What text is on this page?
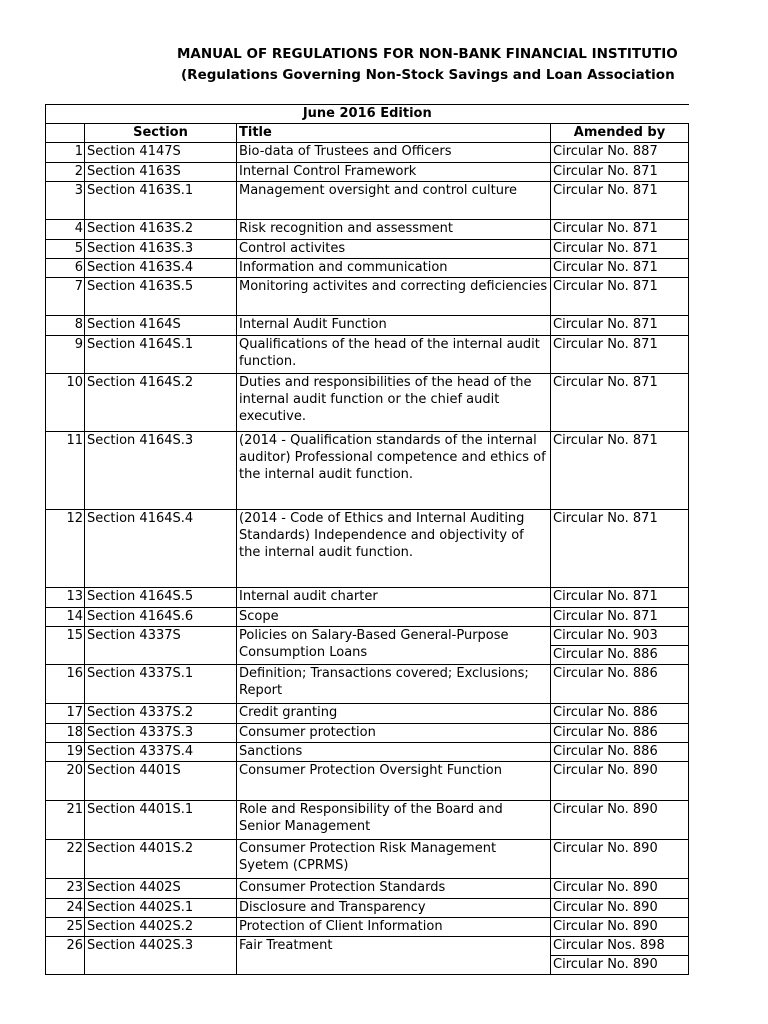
MANUAL OF REGULATIONS FOR NON-BANK FINANCIAL INSTITUTIO
(Regulations Governing Non-Stock Savings and Loan Association
June 2016 Edition			
	Section	Title	Amended by
1	Section 4147S	Bio-data of Trustees and Officers	Circular No. 887
2	Section 4163S	Internal Control Framework	Circular No. 871
3	Section 4163S.1	Management oversight and control culture	Circular No. 871
4	Section 4163S.2	Risk recognition and assessment	Circular No. 871
5	Section 4163S.3	Control activites	Circular No. 871
6	Section 4163S.4	Information and communication	Circular No. 871
7	Section 4163S.5	Monitoring activites and correcting deficiencies	Circular No. 871
8	Section 4164S	Internal Audit Function	Circular No. 871
9	Section 4164S.1	Qualifications of the head of the internal audit function.	Circular No. 871
10	Section 4164S.2	Duties and responsibilities of the head of the internal audit function or the chief audit executive.	Circular No. 871
11	Section 4164S.3	(2014 - Qualification standards of the internal auditor) Professional competence and ethics of the internal audit function.	Circular No. 871
12	Section 4164S.4	(2014 - Code of Ethics and Internal Auditing Standards) Independence and objectivity of the internal audit function.	Circular No. 871
13	Section 4164S.5	Internal audit charter	Circular No. 871
14	Section 4164S.6	Scope	Circular No. 871
15	Section 4337S	Policies on Salary-Based General-Purpose Consumption Loans	Circular No. 903
			Circular No. 886
16	Section 4337S.1	Definition; Transactions covered; Exclusions; Report	Circular No. 886
17	Section 4337S.2	Credit granting	Circular No. 886
18	Section 4337S.3	Consumer protection	Circular No. 886
19	Section 4337S.4	Sanctions	Circular No. 886
20	Section 4401S	Consumer Protection Oversight Function	Circular No. 890
21	Section 4401S.1	Role and Responsibility of the Board and Senior Management	Circular No. 890
22	Section 4401S.2	Consumer Protection Risk Management Syetem (CPRMS)	Circular No. 890
23	Section 4402S	Consumer Protection Standards	Circular No. 890
24	Section 4402S.1	Disclosure and Transparency	Circular No. 890
25	Section 4402S.2	Protection of Client Information	Circular No. 890
26	Section 4402S.3	Fair Treatment	Circular Nos. 898
			Circular No. 890
